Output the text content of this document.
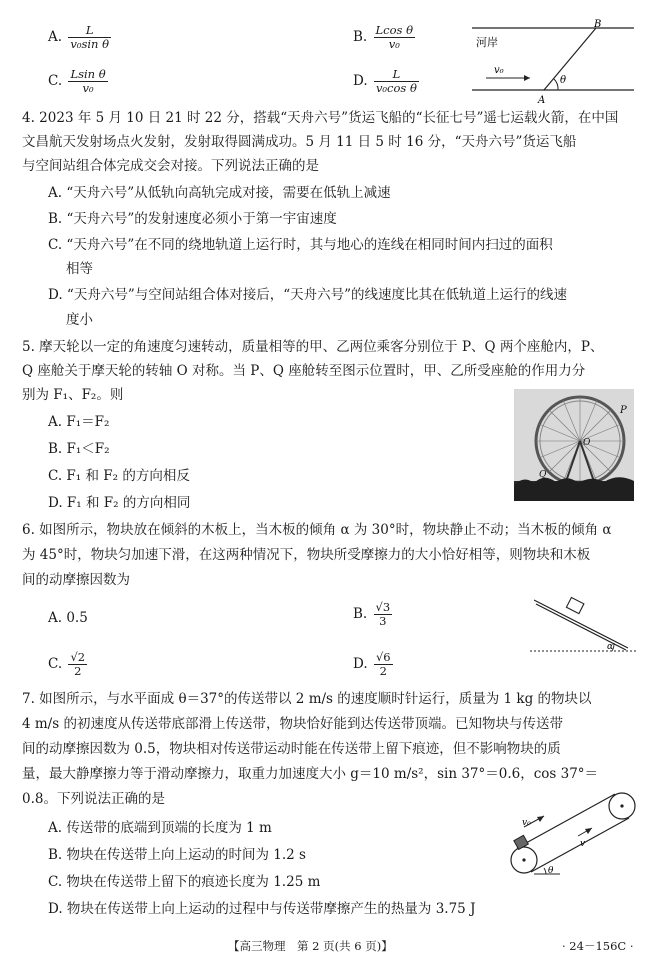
A. $\frac{L}{\text{v₀sin θ}}$	B. $\frac{\text{Lcos θ}}{\text{v₀}}$
C. $\frac{\text{Lsin θ}}{\text{v₀}}$	D. $\frac{L}{\text{v₀cos θ}}$
河岸
v₀
B
A
θ
4. 2023 年 5 月 10 日 21 时 22 分，搭载“天舟六号”货运飞船的“长征七号”遥七运载火箭，在中国
文昌航天发射场点火发射，发射取得圆满成功。5 月 11 日 5 时 16 分，“天舟六号”货运飞船
与空间站组合体完成交会对接。下列说法正确的是
A. “天舟六号”从低轨向高轨完成对接，需要在低轨上减速
B. “天舟六号”的发射速度必须小于第一宇宙速度
C. “天舟六号”在不同的绕地轨道上运行时，其与地心的连线在相同时间内扫过的面积
相等
D. “天舟六号”与空间站组合体对接后，“天舟六号”的线速度比其在低轨道上运行的线速
度小
5. 摩天轮以一定的角速度匀速转动，质量相等的甲、乙两位乘客分别位于 P、Q 两个座舱内，P、
Q 座舱关于摩天轮的转轴 O 对称。当 P、Q 座舱转至图示位置时，甲、乙所受座舱的作用力分
别为 F₁、F₂。则
A. F₁＝F₂
B. F₁＜F₂
C. F₁ 和 F₂ 的方向相反
D. F₁ 和 F₂ 的方向相同
P
O
Q
6. 如图所示，物块放在倾斜的木板上，当木板的倾角 α 为 30°时，物块静止不动；当木板的倾角 α
为 45°时，物块匀加速下滑，在这两种情况下，物块所受摩擦力的大小恰好相等，则物块和木板
间的动摩擦因数为
A. 0.5	B. $\frac{√3}{3}$
C. $\frac{√2}{2}$	D. $\frac{√6}{2}$
α
7. 如图所示，与水平面成 θ＝37°的传送带以 2 m/s 的速度顺时针运行，质量为 1 kg 的物块以
4 m/s 的初速度从传送带底部滑上传送带，物块恰好能到达传送带顶端。已知物块与传送带
间的动摩擦因数为 0.5，物块相对传送带运动时能在传送带上留下痕迹，但不影响物块的质
量，最大静摩擦力等于滑动摩擦力，取重力加速度大小 g＝10 m/s²，sin 37°＝0.6，cos 37°＝
0.8。下列说法正确的是
A. 传送带的底端到顶端的长度为 1 m
B. 物块在传送带上向上运动的时间为 1.2 s
C. 物块在传送带上留下的痕迹长度为 1.25 m
D. 物块在传送带上向上运动的过程中与传送带摩擦产生的热量为 3.75 J
v₀
v
θ
【高三物理　第 2 页(共 6 页)】	· 24－156C ·
